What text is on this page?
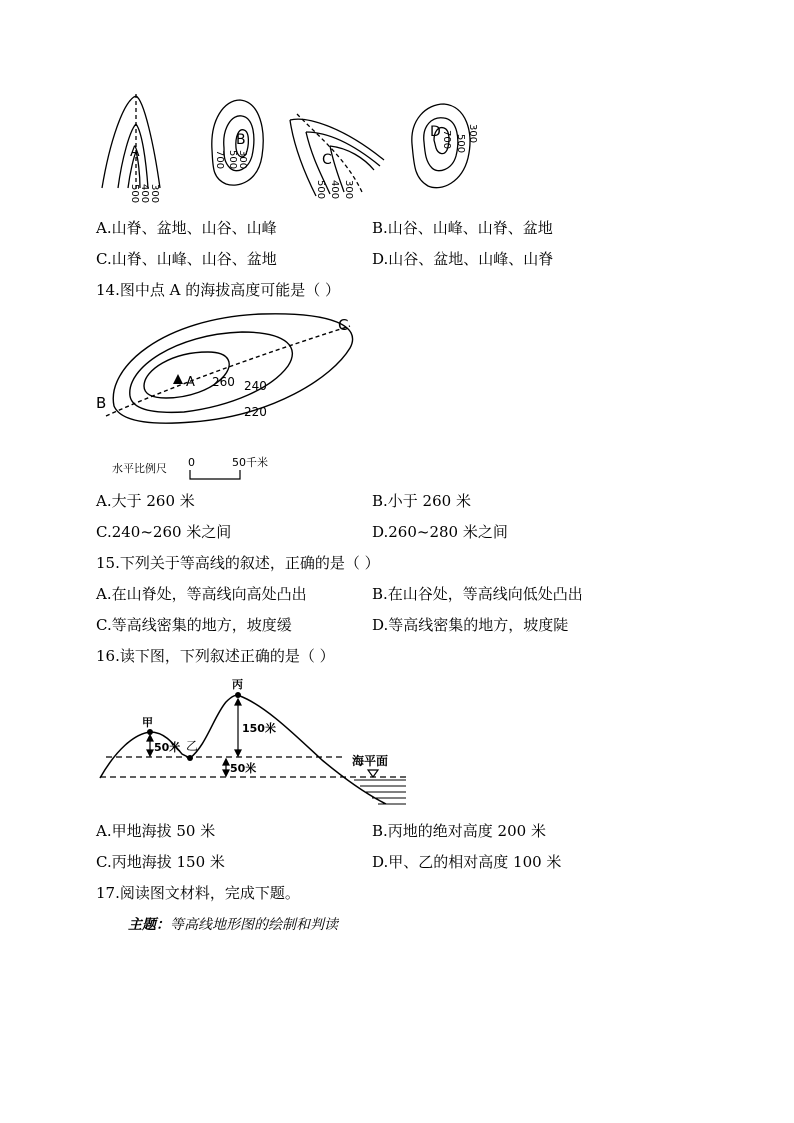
A
B
C
D
300
400
500
300
500
700
300
400
500
300
500
700
A.山脊、盆地、山谷、山峰	B.山谷、山峰、山脊、盆地
C.山脊、山峰、山谷、盆地	D.山谷、盆地、山峰、山脊
14.图中点 A 的海拔高度可能是（ ）
A
B
C
260 240
220
水平比例尺 0	50千米
A.大于 260 米	B.小于 260 米
C.240~260 米之间	D.260~280 米之间
15.下列关于等高线的叙述，正确的是（ ）
A.在山脊处，等高线向高处凸出	B.在山谷处，等高线向低处凸出
C.等高线密集的地方，坡度缓	D.等高线密集的地方，坡度陡
16.读下图，下列叙述正确的是（ ）
甲
乙
丙
50米
150米
50米
海平面
A.甲地海拔 50 米	B.丙地的绝对高度 200 米
C.丙地海拔 150 米	D.甲、乙的相对高度 100 米
17.阅读图文材料，完成下题。
主题：等高线地形图的绘制和判读
